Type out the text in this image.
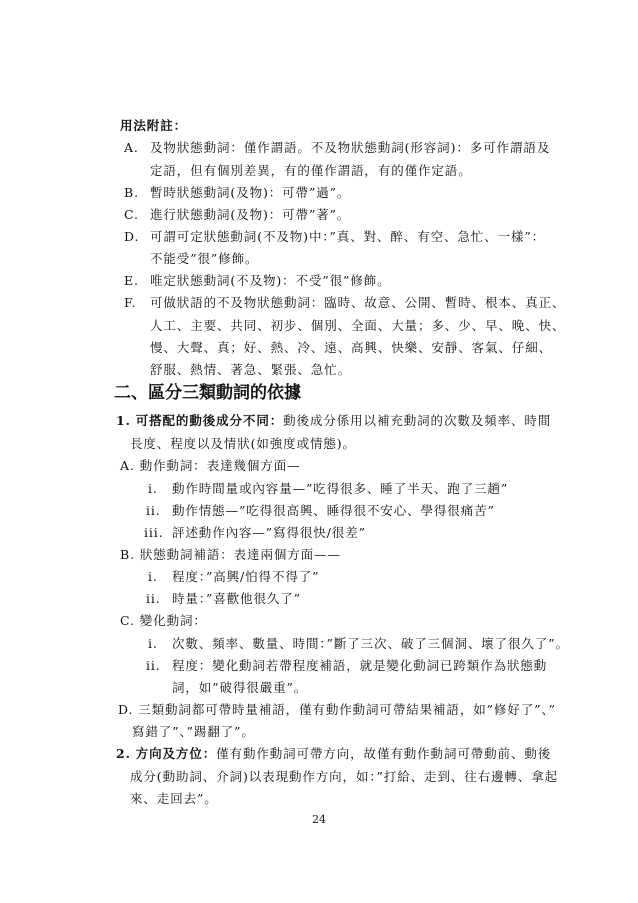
用法附註：
A. 及物狀態動詞：僅作謂語。不及物狀態動詞(形容詞)：多可作謂語及
定語，但有個別差異，有的僅作謂語，有的僅作定語。
B. 暫時狀態動詞(及物)：可帶”過”。
C. 進行狀態動詞(及物)：可帶”著”。
D. 可謂可定狀態動詞(不及物)中：”真、對、醉、有空、急忙、一樣”：
不能受”很”修飾。
E. 唯定狀態動詞(不及物)：不受”很”修飾。
F. 可做狀語的不及物狀態動詞：臨時、故意、公開、暫時、根本、真正、
人工、主要、共同、初步、個別、全面、大量；多、少、早、晚、快、
慢、大聲、真；好、熱、冷、遠、高興、快樂、安靜、客氣、仔細、
舒服、熱情、著急、緊張、急忙。
二、區分三類動詞的依據
1. 可搭配的動後成分不同：動後成分係用以補充動詞的次數及頻率、時間
長度、程度以及情狀(如強度或情態)。
A. 動作動詞：表達幾個方面—
i. 動作時間量或內容量—”吃得很多、睡了半天、跑了三趟”
ii. 動作情態—”吃得很高興、睡得很不安心、學得很痛苦”
iii. 評述動作內容—”寫得很快/很差”
B. 狀態動詞補語：表達兩個方面——
i. 程度：”高興/怕得不得了”
ii. 時量：”喜歡他很久了”
C. 變化動詞：
i. 次數、頻率、數量、時間：”斷了三次、破了三個洞、壞了很久了”。
ii. 程度：變化動詞若帶程度補語，就是變化動詞已跨類作為狀態動
詞，如”破得很嚴重”。
D. 三類動詞都可帶時量補語，僅有動作動詞可帶結果補語，如”修好了”、”
寫錯了”、”踢翻了”。
2. 方向及方位：僅有動作動詞可帶方向，故僅有動作動詞可帶動前、動後
成分(動助詞、介詞)以表現動作方向，如：”打給、走到、往右邊轉、拿起
來、走回去”。
24
